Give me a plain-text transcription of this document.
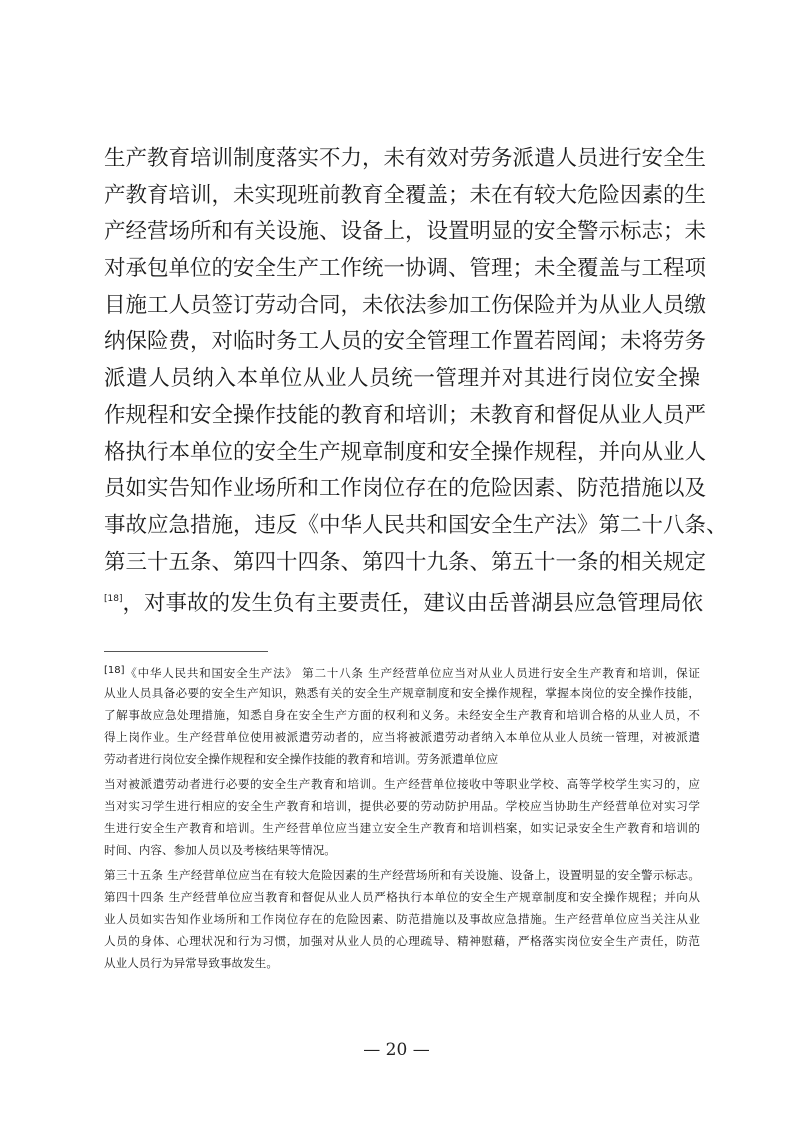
生产教育培训制度落实不力，未有效对劳务派遣人员进行安全生
产教育培训，未实现班前教育全覆盖；未在有较大危险因素的生
产经营场所和有关设施、设备上，设置明显的安全警示标志；未
对承包单位的安全生产工作统一协调、管理；未全覆盖与工程项
目施工人员签订劳动合同，未依法参加工伤保险并为从业人员缴
纳保险费，对临时务工人员的安全管理工作置若罔闻；未将劳务
派遣人员纳入本单位从业人员统一管理并对其进行岗位安全操
作规程和安全操作技能的教育和培训；未教育和督促从业人员严
格执行本单位的安全生产规章制度和安全操作规程，并向从业人
员如实告知作业场所和工作岗位存在的危险因素、防范措施以及
事故应急措施，违反《中华人民共和国安全生产法》第二十八条、
第三十五条、第四十四条、第四十九条、第五十一条的相关规定
[18]，对事故的发生负有主要责任，建议由岳普湖县应急管理局依
[18]《中华人民共和国安全生产法》 第二十八条 生产经营单位应当对从业人员进行安全生产教育和培训，保证
从业人员具备必要的安全生产知识，熟悉有关的安全生产规章制度和安全操作规程，掌握本岗位的安全操作技能，
了解事故应急处理措施，知悉自身在安全生产方面的权利和义务。未经安全生产教育和培训合格的从业人员，不
得上岗作业。生产经营单位使用被派遣劳动者的，应当将被派遣劳动者纳入本单位从业人员统一管理，对被派遣
劳动者进行岗位安全操作规程和安全操作技能的教育和培训。劳务派遣单位应
当对被派遣劳动者进行必要的安全生产教育和培训。生产经营单位接收中等职业学校、高等学校学生实习的，应
当对实习学生进行相应的安全生产教育和培训，提供必要的劳动防护用品。学校应当协助生产经营单位对实习学
生进行安全生产教育和培训。生产经营单位应当建立安全生产教育和培训档案，如实记录安全生产教育和培训的
时间、内容、参加人员以及考核结果等情况。
第三十五条 生产经营单位应当在有较大危险因素的生产经营场所和有关设施、设备上，设置明显的安全警示标志。
第四十四条 生产经营单位应当教育和督促从业人员严格执行本单位的安全生产规章制度和安全操作规程；并向从
业人员如实告知作业场所和工作岗位存在的危险因素、防范措施以及事故应急措施。生产经营单位应当关注从业
人员的身体、心理状况和行为习惯，加强对从业人员的心理疏导、精神慰藉，严格落实岗位安全生产责任，防范
从业人员行为异常导致事故发生。
— 20 —
